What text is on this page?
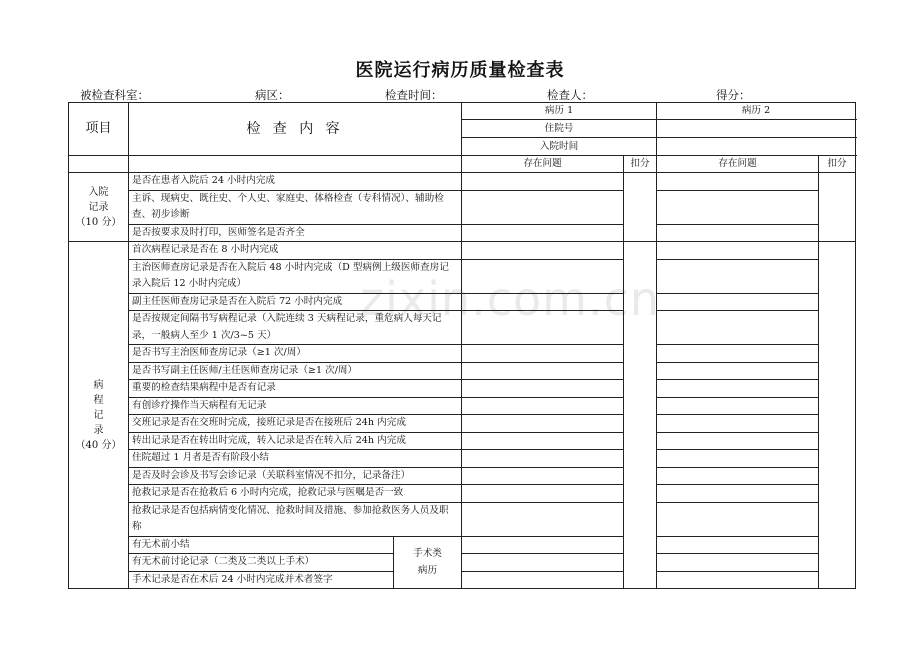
医院运行病历质量检查表
被检查科室：	病区：	检查时间：	检查人：	得分：
zixin.com.cn
项目	检 查 内 容		病历 1		病历 2		
			住院号				
			入院时间				
			存在问题	扣分	存在问题	扣分	

入院
记录
（10 分）	是否在患者入院后 24 小时内完成						
	主诉、现病史、既往史、个人史、家庭史、体格检查（专科情况）、辅助检查、初步诊断						
	是否按要求及时打印，医师签名是否齐全						

病
程
记
录
（40 分）	首次病程记录是否在 8 小时内完成						
	主治医师查房记录是否在入院后 48 小时内完成（D 型病例上级医师查房记录入院后 12 小时内完成）						
	副主任医师查房记录是否在入院后 72 小时内完成						
	是否按规定间隔书写病程记录（入院连续 3 天病程记录，重危病人每天记录，一般病人至少 1 次/3~5 天）						
	是否书写主治医师查房记录（≥1 次/周）						
	是否书写副主任医师/主任医师查房记录（≥1 次/周）						
	重要的检查结果病程中是否有记录						
	有创诊疗操作当天病程有无记录						
	交班记录是否在交班时完成，接班记录是否在接班后 24h 内完成						
	转出记录是否在转出时完成，转入记录是否在转入后 24h 内完成						
	住院超过 1 月者是否有阶段小结						
	是否及时会诊及书写会诊记录（关联科室情况不扣分，记录备注）						
	抢救记录是否在抢救后 6 小时内完成，抢救记录与医嘱是否一致						
	抢救记录是否包括病情变化情况、抢救时间及措施、参加抢救医务人员及职称						
	有无术前小结	手术类
病历					

	有无术前讨论记录（二类及二类以上手术）						
	手术记录是否在术后 24 小时内完成并术者签字						
